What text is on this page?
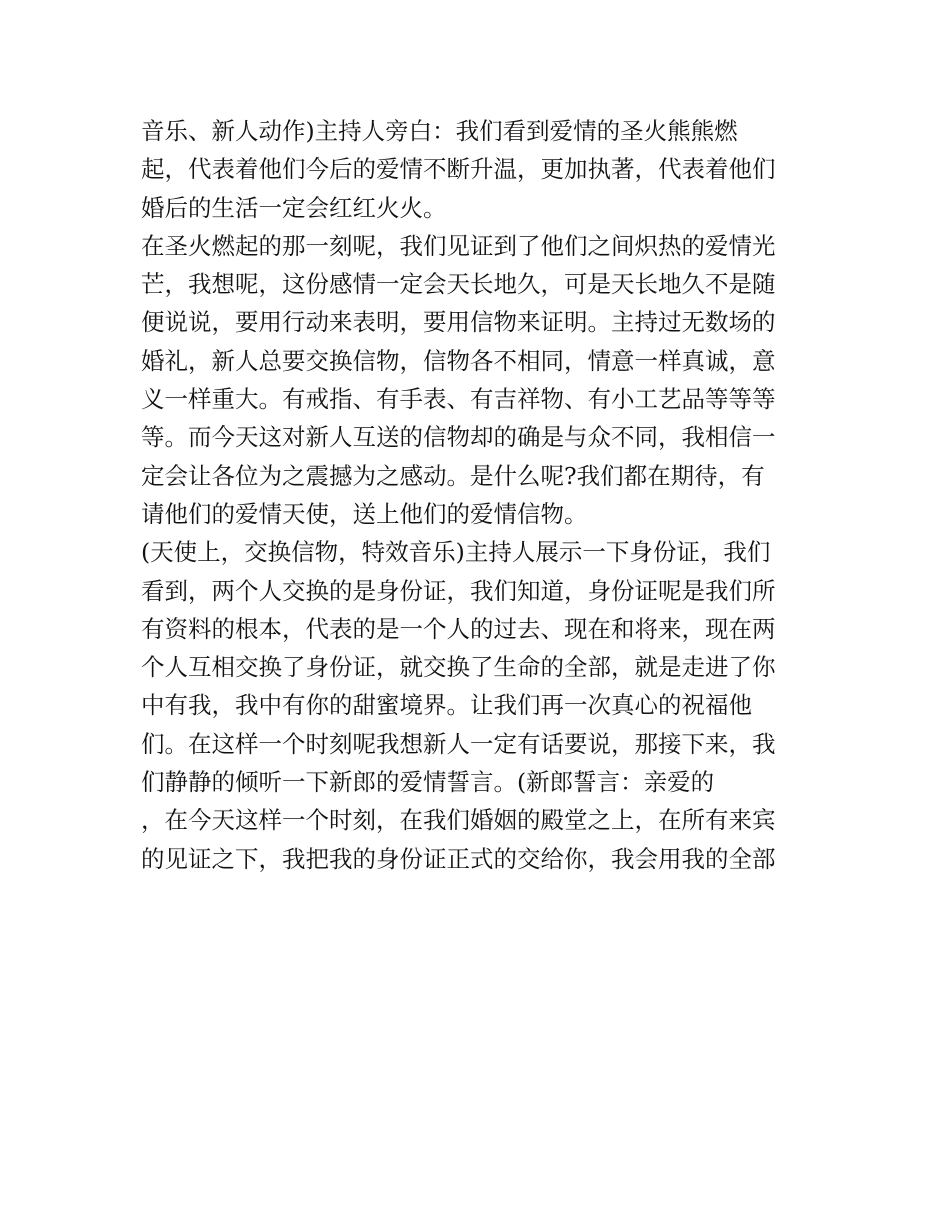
音乐、新人动作)主持人旁白：我们看到爱情的圣火熊熊燃
起，代表着他们今后的爱情不断升温，更加执著，代表着他们
婚后的生活一定会红红火火。
在圣火燃起的那一刻呢，我们见证到了他们之间炽热的爱情光
芒，我想呢，这份感情一定会天长地久，可是天长地久不是随
便说说，要用行动来表明，要用信物来证明。主持过无数场的
婚礼，新人总要交换信物，信物各不相同，情意一样真诚，意
义一样重大。有戒指、有手表、有吉祥物、有小工艺品等等等
等。而今天这对新人互送的信物却的确是与众不同，我相信一
定会让各位为之震撼为之感动。是什么呢?我们都在期待，有
请他们的爱情天使，送上他们的爱情信物。
(天使上，交换信物，特效音乐)主持人展示一下身份证，我们
看到，两个人交换的是身份证，我们知道，身份证呢是我们所
有资料的根本，代表的是一个人的过去、现在和将来，现在两
个人互相交换了身份证，就交换了生命的全部，就是走进了你
中有我，我中有你的甜蜜境界。让我们再一次真心的祝福他
们。在这样一个时刻呢我想新人一定有话要说，那接下来，我
们静静的倾听一下新郎的爱情誓言。(新郎誓言：亲爱的
，在今天这样一个时刻，在我们婚姻的殿堂之上，在所有来宾
的见证之下，我把我的身份证正式的交给你，我会用我的全部
